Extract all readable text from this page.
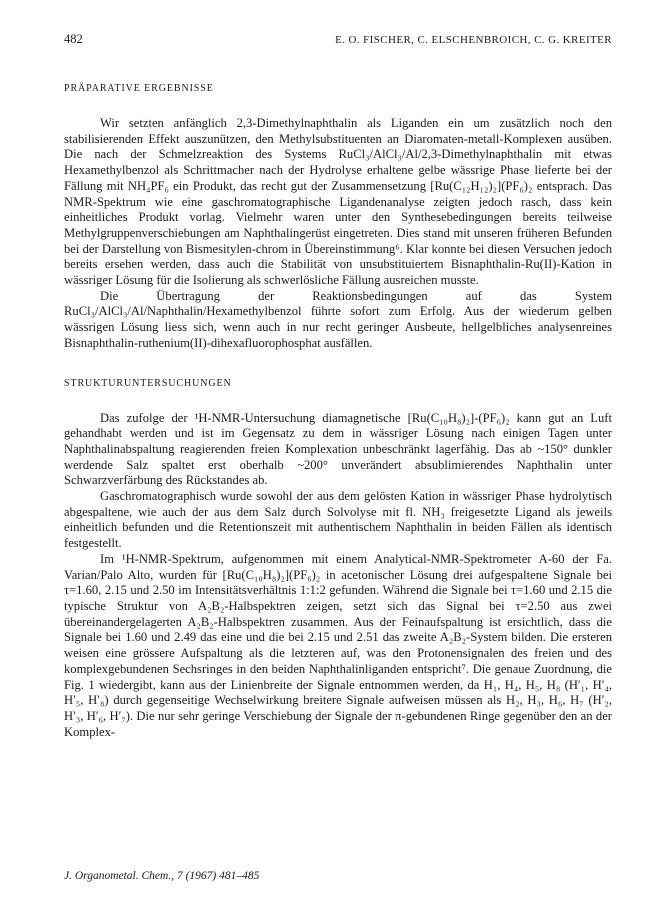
482	E. O. FISCHER, C. ELSCHENBROICH, C. G. KREITER
PRÄPARATIVE ERGEBNISSE

Wir setzten anfänglich 2,3-Dimethylnaphthalin als Liganden ein um zusätzlich noch den stabilisierenden Effekt auszunützen, den Methylsubstituenten an Diaromaten-metall-Komplexen ausüben. Die nach der Schmelzreaktion des Systems RuCl₃/AlCl₃/Al/2,3-Dimethylnaphthalin mit etwas Hexamethylbenzol als Schrittmacher nach der Hydrolyse erhaltene gelbe wässrige Phase lieferte bei der Fällung mit NH₄PF₆ ein Produkt, das recht gut der Zusammensetzung [Ru(C₁₂H₁₂)₂](PF₆)₂ entsprach. Das NMR-Spektrum wie eine gaschromatographische Ligandenanalyse zeigten jedoch rasch, dass kein einheitliches Produkt vorlag. Vielmehr waren unter den Synthesebedingungen bereits teilweise Methylgruppenverschiebungen am Naphthalingerüst eingetreten. Dies stand mit unseren früheren Befunden bei der Darstellung von Bismesitylen-chrom in Übereinstimmung⁶. Klar konnte bei diesen Versuchen jedoch bereits ersehen werden, dass auch die Stabilität von unsubstituiertem Bisnaphthalin-Ru(II)-Kation in wässriger Lösung für die Isolierung als schwerlösliche Fällung ausreichen musste.

Die Übertragung der Reaktionsbedingungen auf das System RuCl₃/AlCl₃/Al/Naphthalin/Hexamethylbenzol führte sofort zum Erfolg. Aus der wiederum gelben wässrigen Lösung liess sich, wenn auch in nur recht geringer Ausbeute, hellgelbliches analysenreines Bisnaphthalin-ruthenium(II)-dihexafluorophosphat ausfällen.

STRUKTURUNTERSUCHUNGEN

Das zufolge der ¹H-NMR-Untersuchung diamagnetische [Ru(C₁₀H₈)₂]-(PF₆)₂ kann gut an Luft gehandhabt werden und ist im Gegensatz zu dem in wässriger Lösung nach einigen Tagen unter Naphthalinabspaltung reagierenden freien Komplexation unbeschränkt lagerfähig. Das ab ~150° dunkler werdende Salz spaltet erst oberhalb ~200° unverändert absublimierendes Naphthalin unter Schwarzverfärbung des Rückstandes ab.

Gaschromatographisch wurde sowohl der aus dem gelösten Kation in wässriger Phase hydrolytisch abgespaltene, wie auch der aus dem Salz durch Solvolyse mit fl. NH₃ freigesetzte Ligand als jeweils einheitlich befunden und die Retentionszeit mit authentischem Naphthalin in beiden Fällen als identisch festgestellt.

Im ¹H-NMR-Spektrum, aufgenommen mit einem Analytical-NMR-Spektrometer A-60 der Fa. Varian/Palo Alto, wurden für [Ru(C₁₀H₈)₂](PF₆)₂ in acetonischer Lösung drei aufgespaltene Signale bei τ=1.60, 2.15 und 2.50 im Intensitätsverhältnis 1:1:2 gefunden. Während die Signale bei τ=1.60 und 2.15 die typische Struktur von A₂B₂-Halbspektren zeigen, setzt sich das Signal bei τ=2.50 aus zwei übereinandergelagerten A₂B₂-Halbspektren zusammen. Aus der Feinaufspaltung ist ersichtlich, dass die Signale bei 1.60 und 2.49 das eine und die bei 2.15 und 2.51 das zweite A₂B₂-System bilden. Die ersteren weisen eine grössere Aufspaltung als die letzteren auf, was den Protonensignalen des freien und des komplexgebundenen Sechsringes in den beiden Naphthalinliganden entspricht⁷. Die genaue Zuordnung, die Fig. 1 wiedergibt, kann aus der Linienbreite der Signale entnommen werden, da H₁, H₄, H₅, H₈ (H′₁, H′₄, H′₅, H′₈) durch gegenseitige Wechselwirkung breitere Signale aufweisen müssen als H₂, H₃, H₆, H₇ (H′₂, H′₃, H′₆, H′₇). Die nur sehr geringe Verschiebung der Signale der π-gebundenen Ringe gegenüber den an der Komplex-

J. Organometal. Chem., 7 (1967) 481–485
